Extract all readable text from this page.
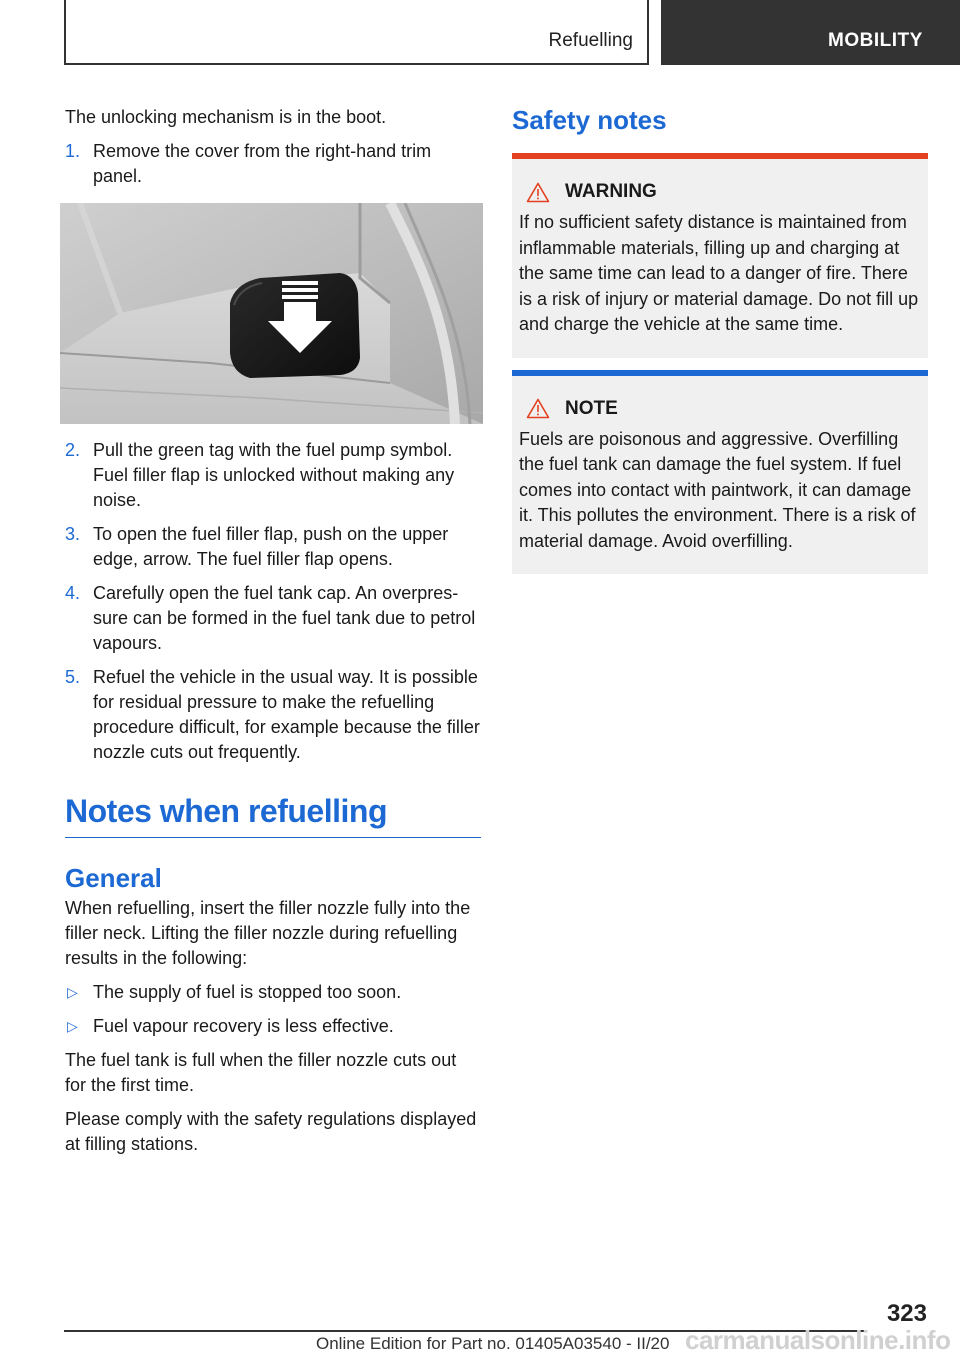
Refuelling	MOBILITY

The unlocking mechanism is in the boot.

1. Remove the cover from the right-hand trim panel.
2. Pull the green tag with the fuel pump symbol. Fuel filler flap is unlocked without making any noise.
3. To open the fuel filler flap, push on the upper edge, arrow. The fuel filler flap opens.
4. Carefully open the fuel tank cap. An overpressure can be formed in the fuel tank due to petrol vapours.
5. Refuel the vehicle in the usual way. It is possible for residual pressure to make the refuelling procedure difficult, for example because the filler nozzle cuts out frequently.
Notes when refuelling
General

When refuelling, insert the filler nozzle fully into the filler neck. Lifting the filler nozzle during refuelling results in the following:

▷ The supply of fuel is stopped too soon.
▷ Fuel vapour recovery is less effective.

The fuel tank is full when the filler nozzle cuts out for the first time.

Please comply with the safety regulations displayed at filling stations.

Safety notes
WARNING
If no sufficient safety distance is maintained from inflammable materials, filling up and charging at the same time can lead to a danger of fire. There is a risk of injury or material damage. Do not fill up and charge the vehicle at the same time.
NOTE
Fuels are poisonous and aggressive. Overfilling the fuel tank can damage the fuel system. If fuel comes into contact with paintwork, it can damage it. This pollutes the environment. There is a risk of material damage. Avoid overfilling.
323
Online Edition for Part no. 01405A03540 - II/20 carmanualsonline.info
